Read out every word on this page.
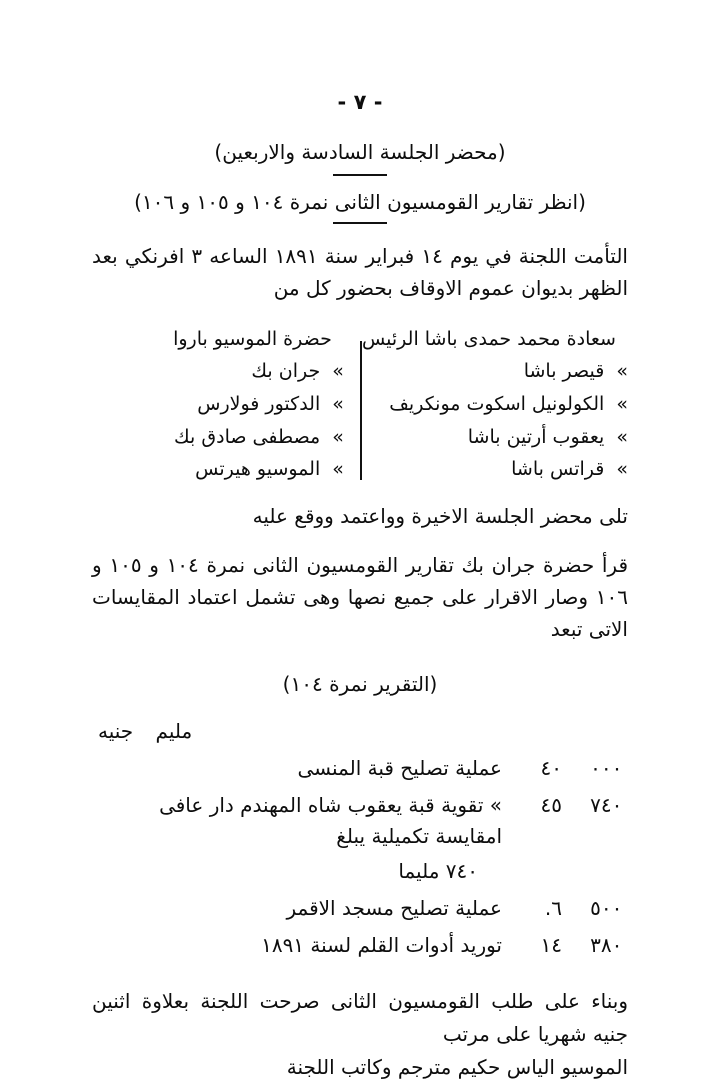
- ٧ -
(محضر الجلسة السادسة والاربعين)
(انظر تقارير القومسيون الثانى نمرة ١٠٤ و ١٠٥ و ١٠٦)
التأمت اللجنة في يوم ١٤ فبراير سنة ١٨٩١ الساعه ٣ افرنكي بعد الظهر بديوان عموم الاوقاف بحضور كل من
سعادة محمد حمدى باشا الرئيس
» قيصر باشا
» الكولونيل اسكوت مونكريف
» يعقوب أرتين باشا
» قراتس باشا
حضرة الموسيو باروا
» جران بك
» الدكتور فولارس
» مصطفى صادق بك
» الموسيو هيرتس
تلى محضر الجلسة الاخيرة وواعتمد ووقع عليه
قرأ حضرة جران بك تقارير القومسيون الثانى نمرة ١٠٤ و ١٠٥ و ١٠٦ وصار الاقرار على جميع نصها وهى تشمل اعتماد المقايسات الاتى تبعد
(التقرير نمرة ١٠٤)
مليم جنيه
٠٠٠ ٤٠
عملية تصليح قبة المنسى
٧٤٠ ٤٥
» تقوية قبة يعقوب شاه المهندم دار عافى امقايسة تكميلية يبلغ
٧٤٠ مليما
٥٠٠ ٦.
عملية تصليح مسجد الاقمر
٣٨٠ ١٤
توريد أدوات القلم لسنة ١٨٩١
وبناء على طلب القومسيون الثانى صرحت اللجنة بعلاوة اثنين جنيه شهريا على مرتب
الموسيو الياس حكيم مترجم وكاتب اللجنة
